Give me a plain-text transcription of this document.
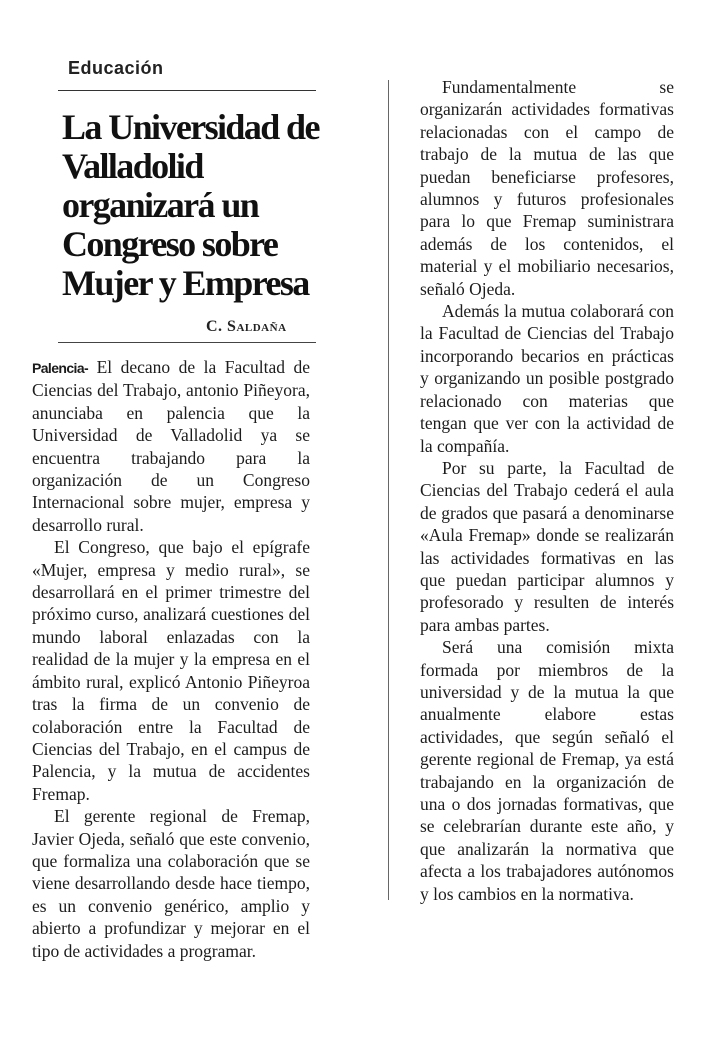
Educación
La Universidad de Valladolid organizará un Congreso sobre Mujer y Empresa
C. Saldaña

Palencia- El decano de la Facultad de Ciencias del Trabajo, antonio Piñeyora, anunciaba en palencia que la Universidad de Valladolid ya se encuentra trabajando para la organización de un Congreso Internacional sobre mujer, empresa y desarrollo rural.

El Congreso, que bajo el epígrafe «Mujer, empresa y medio rural», se desarrollará en el primer trimestre del próximo curso, analizará cuestiones del mundo laboral enlazadas con la realidad de la mujer y la empresa en el ámbito rural, explicó Antonio Piñeyroa tras la firma de un convenio de colaboración entre la Facultad de Ciencias del Trabajo, en el campus de Palencia, y la mutua de accidentes Fremap.

El gerente regional de Fremap, Javier Ojeda, señaló que este convenio, que formaliza una colaboración que se viene desarrollando desde hace tiempo, es un convenio genérico, amplio y abierto a profundizar y mejorar en el tipo de actividades a programar.

Fundamentalmente se organizarán actividades formativas relacionadas con el campo de trabajo de la mutua de las que puedan beneficiarse profesores, alumnos y futuros profesionales para lo que Fremap suministrara además de los contenidos, el material y el mobiliario necesarios, señaló Ojeda.

Además la mutua colaborará con la Facultad de Ciencias del Trabajo incorporando becarios en prácticas y organizando un posible postgrado relacionado con materias que tengan que ver con la actividad de la compañía.

Por su parte, la Facultad de Ciencias del Trabajo cederá el aula de grados que pasará a denominarse «Aula Fremap» donde se realizarán las actividades formativas en las que puedan participar alumnos y profesorado y resulten de interés para ambas partes.

Será una comisión mixta formada por miembros de la universidad y de la mutua la que anualmente elabore estas actividades, que según señaló el gerente regional de Fremap, ya está trabajando en la organización de una o dos jornadas formativas, que se celebrarían durante este año, y que analizarán la normativa que afecta a los trabajadores autónomos y los cambios en la normativa.
